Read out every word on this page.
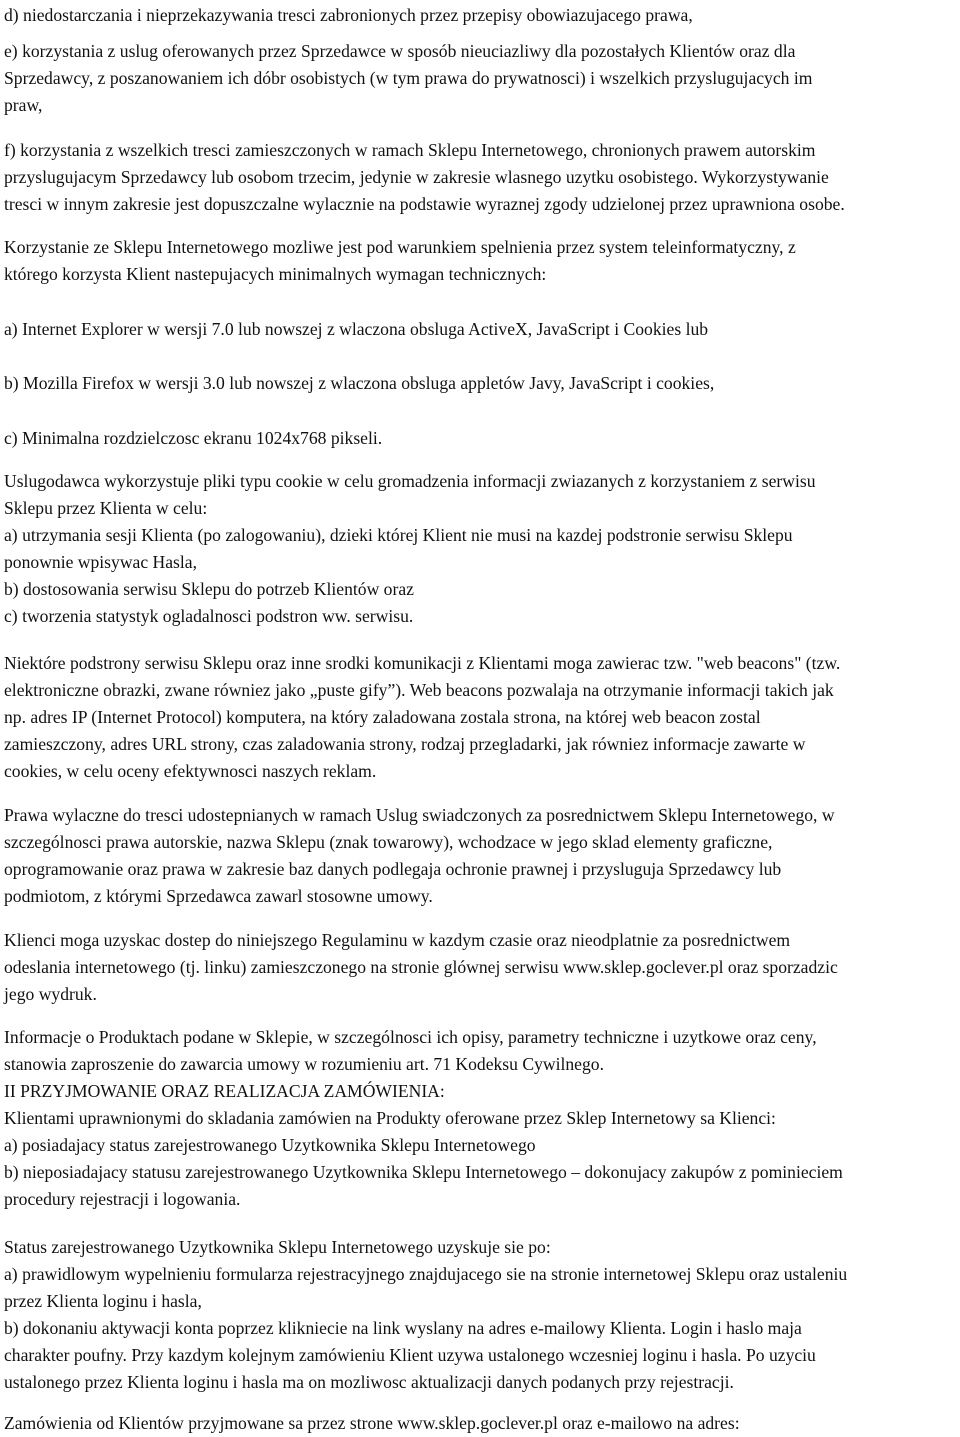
d) niedostarczania i nieprzekazywania tresci zabronionych przez przepisy obowiazujacego prawa,
e) korzystania z uslug oferowanych przez Sprzedawce w sposób nieuciazliwy dla pozostałych Klientów oraz dla
Sprzedawcy, z poszanowaniem ich dóbr osobistych (w tym prawa do prywatnosci) i wszelkich przyslugujacych im
praw,
f) korzystania z wszelkich tresci zamieszczonych w ramach Sklepu Internetowego, chronionych prawem autorskim
przyslugujacym Sprzedawcy lub osobom trzecim, jedynie w zakresie wlasnego uzytku osobistego. Wykorzystywanie
tresci w innym zakresie jest dopuszczalne wylacznie na podstawie wyraznej zgody udzielonej przez uprawniona osobe.
Korzystanie ze Sklepu Internetowego mozliwe jest pod warunkiem spelnienia przez system teleinformatyczny, z
którego korzysta Klient nastepujacych minimalnych wymagan technicznych:
a) Internet Explorer w wersji 7.0 lub nowszej z wlaczona obsluga ActiveX, JavaScript i Cookies lub
b) Mozilla Firefox w wersji 3.0 lub nowszej z wlaczona obsluga appletów Javy, JavaScript i cookies,
c) Minimalna rozdzielczosc ekranu 1024x768 pikseli.
Uslugodawca wykorzystuje pliki typu cookie w celu gromadzenia informacji zwiazanych z korzystaniem z serwisu
Sklepu przez Klienta w celu:
a) utrzymania sesji Klienta (po zalogowaniu), dzieki której Klient nie musi na kazdej podstronie serwisu Sklepu
ponownie wpisywac Hasla,
b) dostosowania serwisu Sklepu do potrzeb Klientów oraz
c) tworzenia statystyk ogladalnosci podstron ww. serwisu.
Niektóre podstrony serwisu Sklepu oraz inne srodki komunikacji z Klientami moga zawierac tzw. "web beacons" (tzw.
elektroniczne obrazki, zwane równiez jako „puste gify”). Web beacons pozwalaja na otrzymanie informacji takich jak
np. adres IP (Internet Protocol) komputera, na który zaladowana zostala strona, na której web beacon zostal
zamieszczony, adres URL strony, czas zaladowania strony, rodzaj przegladarki, jak równiez informacje zawarte w
cookies, w celu oceny efektywnosci naszych reklam.
Prawa wylaczne do tresci udostepnianych w ramach Uslug swiadczonych za posrednictwem Sklepu Internetowego, w
szczególnosci prawa autorskie, nazwa Sklepu (znak towarowy), wchodzace w jego sklad elementy graficzne,
oprogramowanie oraz prawa w zakresie baz danych podlegaja ochronie prawnej i przysluguja Sprzedawcy lub
podmiotom, z którymi Sprzedawca zawarl stosowne umowy.
Klienci moga uzyskac dostep do niniejszego Regulaminu w kazdym czasie oraz nieodplatnie za posrednictwem
odeslania internetowego (tj. linku) zamieszczonego na stronie glównej serwisu www.sklep.goclever.pl oraz sporzadzic
jego wydruk.
Informacje o Produktach podane w Sklepie, w szczególnosci ich opisy, parametry techniczne i uzytkowe oraz ceny,
stanowia zaproszenie do zawarcia umowy w rozumieniu art. 71 Kodeksu Cywilnego.
II PRZYJMOWANIE ORAZ REALIZACJA ZAMÓWIENIA:
Klientami uprawnionymi do skladania zamówien na Produkty oferowane przez Sklep Internetowy sa Klienci:
a) posiadajacy status zarejestrowanego Uzytkownika Sklepu Internetowego
b) nieposiadajacy statusu zarejestrowanego Uzytkownika Sklepu Internetowego – dokonujacy zakupów z pominieciem
procedury rejestracji i logowania.
Status zarejestrowanego Uzytkownika Sklepu Internetowego uzyskuje sie po:
a) prawidlowym wypelnieniu formularza rejestracyjnego znajdujacego sie na stronie internetowej Sklepu oraz ustaleniu
przez Klienta loginu i hasla,
b) dokonaniu aktywacji konta poprzez klikniecie na link wyslany na adres e-mailowy Klienta. Login i haslo maja
charakter poufny. Przy kazdym kolejnym zamówieniu Klient uzywa ustalonego wczesniej loginu i hasla. Po uzyciu
ustalonego przez Klienta loginu i hasla ma on mozliwosc aktualizacji danych podanych przy rejestracji.
Zamówienia od Klientów przyjmowane sa przez strone www.sklep.goclever.pl oraz e-mailowo na adres:
